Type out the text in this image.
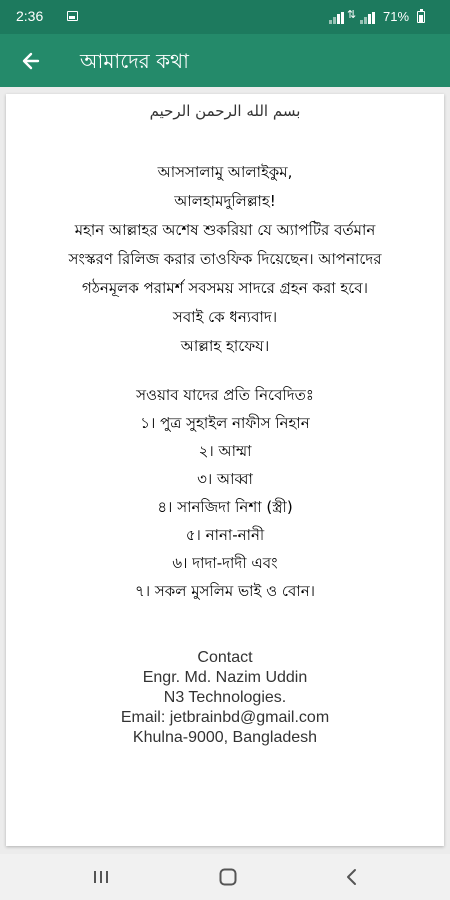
2:36	⇅ 71%
আমাদের কথা
بسم الله الرحمن الرحيم
আসসালামু আলাইকুম,
আলহামদুলিল্লাহ!
মহান আল্লাহর অশেষ শুকরিয়া যে অ্যাপটির বর্তমান
সংস্করণ রিলিজ করার তাওফিক দিয়েছেন। আপনাদের
গঠনমূলক পরামর্শ সবসময় সাদরে গ্রহন করা হবে।
সবাই কে ধন্যবাদ।
আল্লাহ হাফেয।
সওয়াব যাদের প্রতি নিবেদিতঃ
১। পুত্র সুহাইল নাফীস নিহান
২। আম্মা
৩। আব্বা
৪। সানজিদা নিশা (স্ত্রী)
৫। নানা-নানী
৬। দাদা-দাদী এবং
৭। সকল মুসলিম ভাই ও বোন।
Contact
Engr. Md. Nazim Uddin
N3 Technologies.
Email: jetbrainbd@gmail.com
Khulna-9000, Bangladesh
